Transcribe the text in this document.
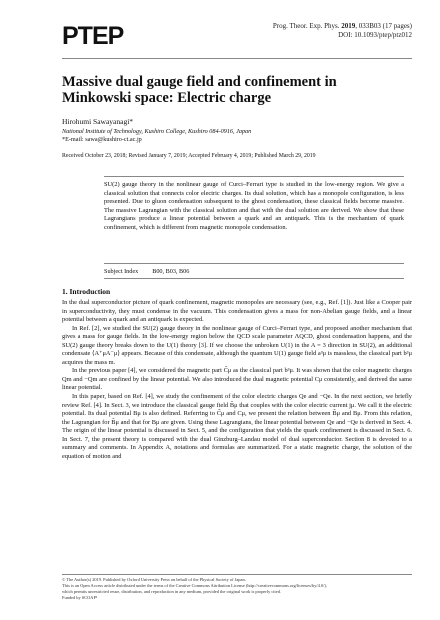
PTEP	Prog. Theor. Exp. Phys. 2019, 033B03 (17 pages)
DOI: 10.1093/ptep/ptz012
Massive dual gauge field and confinement in Minkowski space: Electric charge
Hirohumi Sawayanagi*
National Institute of Technology, Kushiro College, Kushiro 084-0916, Japan
*E-mail: sawa@kushiro-ct.ac.jp
Received October 23, 2018; Revised January 7, 2019; Accepted February 4, 2019; Published March 29, 2019
SU(2) gauge theory in the nonlinear gauge of Curci–Ferrari type is studied in the low-energy region. We give a classical solution that connects color electric charges. Its dual solution, which has a monopole configuration, is less presented. Due to gluon condensation subsequent to the ghost condensation, these classical fields become massive. The massive Lagrangian with the classical solution and that with the dual solution are derived. We show that these Lagrangians produce a linear potential between a quark and an antiquark. This is the mechanism of quark confinement, which is different from magnetic monopole condensation.
Subject Index B00, B03, B06
1. Introduction

In the dual superconductor picture of quark confinement, magnetic monopoles are necessary (see, e.g., Ref. [1]). Just like a Cooper pair in superconductivity, they must condense in the vacuum. This condensation gives a mass for non-Abelian gauge fields, and a linear potential between a quark and an antiquark is expected.

In Ref. [2], we studied the SU(2) gauge theory in the nonlinear gauge of Curci–Ferrari type, and proposed another mechanism that gives a mass for gauge fields. In the low-energy region below the QCD scale parameter ΛQCD, ghost condensation happens, and the SU(2) gauge theory breaks down to the U(1) theory [3]. If we choose the unbroken U(1) in the A = 3 direction in SU(2), an additional condensate ⟨A⁺μA⁻μ⟩ appears. Because of this condensate, although the quantum U(1) gauge field a³μ is massless, the classical part b³μ acquires the mass m.

In the previous paper [4], we considered the magnetic part C̃μ as the classical part b³μ. It was shown that the color magnetic charges Qm and −Qm are confined by the linear potential. We also introduced the dual magnetic potential Cμ consistently, and derived the same linear potential.

In this paper, based on Ref. [4], we study the confinement of the color electric charges Qe and −Qe. In the next section, we briefly review Ref. [4]. In Sect. 3, we introduce the classical gauge field B̃μ that couples with the color electric current jμ. We call it the electric potential. Its dual potential Bμ is also defined. Referring to C̃μ and Cμ, we present the relation between B̃μ and Bμ. From this relation, the Lagrangian for B̃μ and that for Bμ are given. Using these Lagrangians, the linear potential between Qe and −Qe is derived in Sect. 4. The origin of the linear potential is discussed in Sect. 5, and the configuration that yields the quark confinement is discussed in Sect. 6. In Sect. 7, the present theory is compared with the dual Ginzburg–Landau model of dual superconductor. Section 8 is devoted to a summary and comments. In Appendix A, notations and formulas are summarized. For a static magnetic charge, the solution of the equation of motion and

© The Author(s) 2019. Published by Oxford University Press on behalf of the Physical Society of Japan.
This is an Open Access article distributed under the terms of the Creative Commons Attribution License (http://creativecommons.org/licenses/by/4.0/),
which permits unrestricted reuse, distribution, and reproduction in any medium, provided the original work is properly cited.
Funded by SCOAP³
